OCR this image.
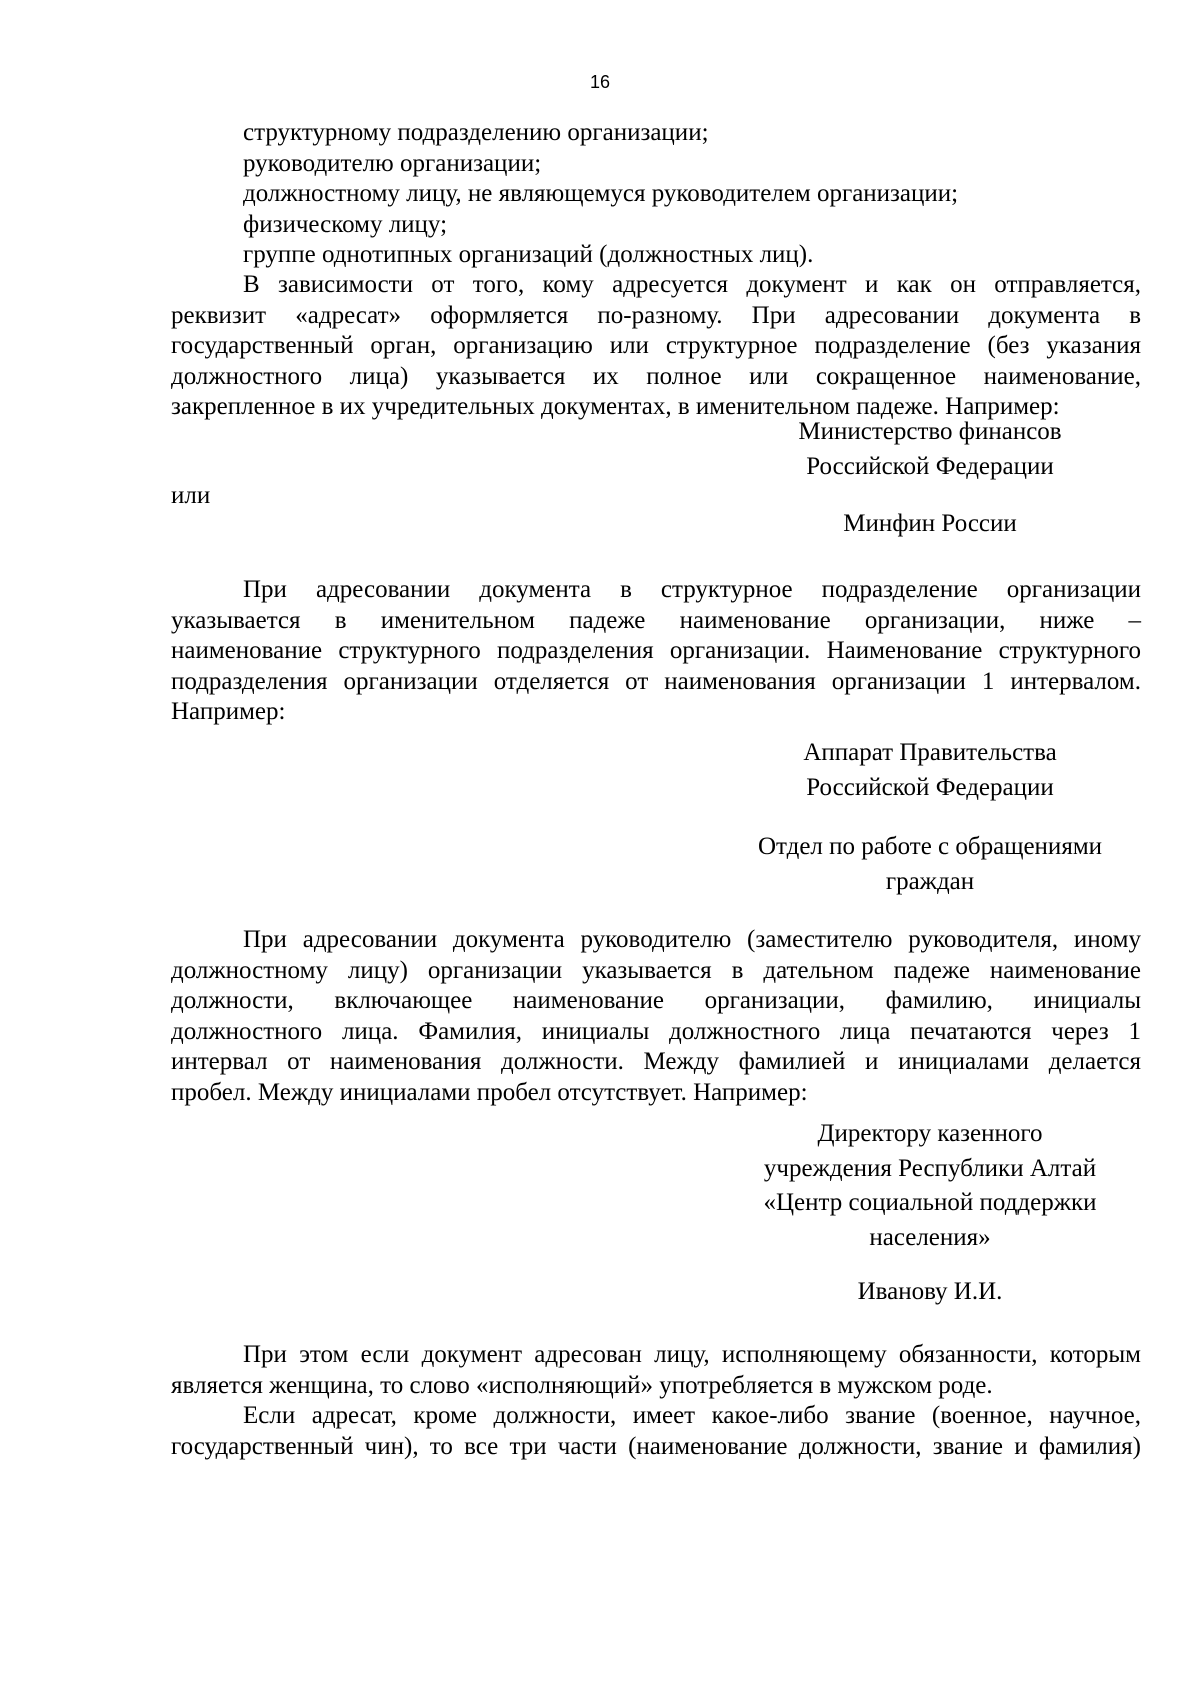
16
структурному подразделению организации;
руководителю организации;
должностному лицу, не являющемуся руководителем организации;
физическому лицу;
группе однотипных организаций (должностных лиц).
В зависимости от того, кому адресуется документ и как он отправляется,
реквизит «адресат» оформляется по-разному. При адресовании документа в
государственный орган, организацию или структурное подразделение (без указания
должностного лица) указывается их полное или сокращенное наименование,
закрепленное в их учредительных документах, в именительном падеже. Например:
Министерство финансов
Российской Федерации
или
Минфин России
При адресовании документа в структурное подразделение организации
указывается в именительном падеже наименование организации, ниже –
наименование структурного подразделения организации. Наименование структурного
подразделения организации отделяется от наименования организации 1 интервалом.
Например:
Аппарат Правительства
Российской Федерации
Отдел по работе с обращениями
граждан
При адресовании документа руководителю (заместителю руководителя, иному
должностному лицу) организации указывается в дательном падеже наименование
должности, включающее наименование организации, фамилию, инициалы
должностного лица. Фамилия, инициалы должностного лица печатаются через 1
интервал от наименования должности. Между фамилией и инициалами делается
пробел. Между инициалами пробел отсутствует. Например:
Директору казенного
учреждения Республики Алтай
«Центр социальной поддержки
населения»
Иванову И.И.
При этом если документ адресован лицу, исполняющему обязанности, которым
является женщина, то слово «исполняющий» употребляется в мужском роде.
Если адресат, кроме должности, имеет какое-либо звание (военное, научное,
государственный чин), то все три части (наименование должности, звание и фамилия)
